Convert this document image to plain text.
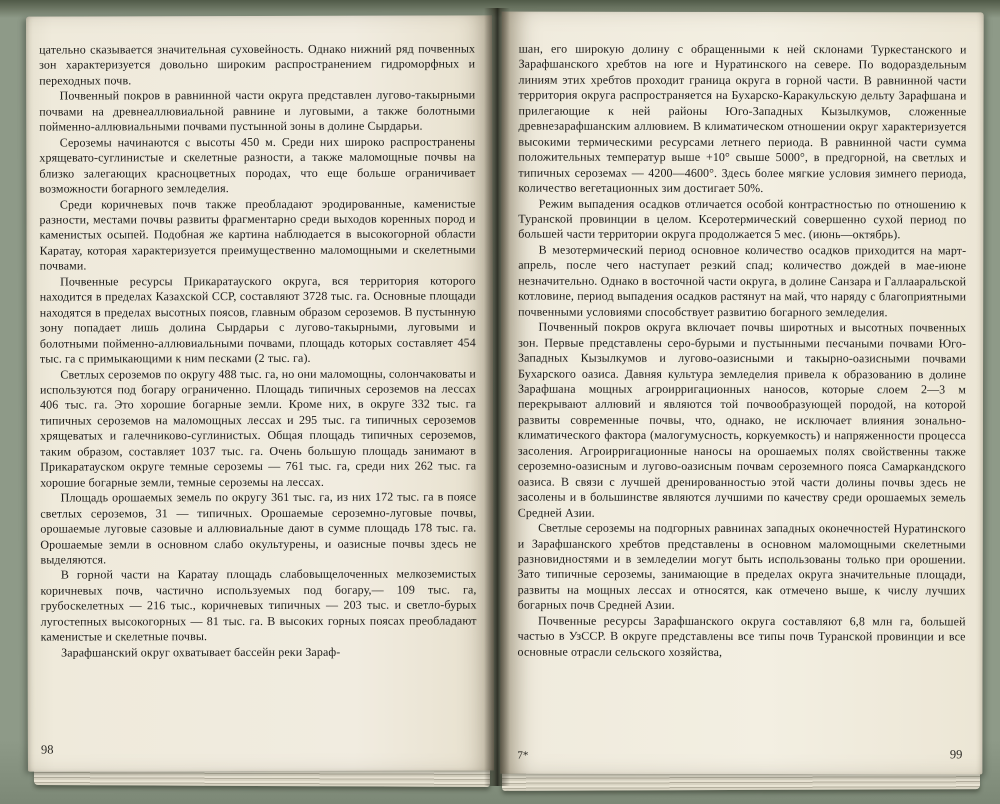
цательно сказывается значительная суховейность. Однако нижний ряд почвенных зон характеризуется довольно широким распространением гидроморфных и переходных почв.

Почвенный покров в равнинной части округа представлен лугово-такырными почвами на древнеаллювиальной равнине и луговыми, а также болотными пойменно-аллювиальными почвами пустынной зоны в долине Сырдарьи.

Сероземы начинаются с высоты 450 м. Среди них широко распространены хрящевато-суглинистые и скелетные разности, а также маломощные почвы на близко залегающих красноцветных породах, что еще больше ограничивает возможности богарного земледелия.

Среди коричневых почв также преобладают эродированные, каменистые разности, местами почвы развиты фрагментарно среди выходов коренных пород и каменистых осыпей. Подобная же картина наблюдается в высокогорной области Каратау, которая характеризуется преимущественно маломощными и скелетными почвами.

Почвенные ресурсы Прикаратауского округа, вся территория которого находится в пределах Казахской ССР, составляют 3728 тыс. га. Основные площади находятся в пределах высотных поясов, главным образом сероземов. В пустынную зону попадает лишь долина Сырдарьи с лугово-такырными, луговыми и болотными пойменно-аллювиальными почвами, площадь которых составляет 454 тыс. га с примыкающими к ним песками (2 тыс. га).

Светлых сероземов по округу 488 тыс. га, но они маломощны, солончаковаты и используются под богару ограниченно. Площадь типичных сероземов на лессах 406 тыс. га. Это хорошие богарные земли. Кроме них, в округе 332 тыс. га типичных сероземов на маломощных лессах и 295 тыс. га типичных сероземов хрящеватых и галечниково-суглинистых. Общая площадь типичных сероземов, таким образом, составляет 1037 тыс. га. Очень большую площадь занимают в Прикаратауском округе темные сероземы — 761 тыс. га, среди них 262 тыс. га хорошие богарные земли, темные сероземы на лессах.

Площадь орошаемых земель по округу 361 тыс. га, из них 172 тыс. га в поясе светлых сероземов, 31 — типичных. Орошаемые сероземно-луговые почвы, орошаемые луговые сазовые и аллювиальные дают в сумме площадь 178 тыс. га. Орошаемые земли в основном слабо окультурены, и оазисные почвы здесь не выделяются.

В горной части на Каратау площадь слабовыщелоченных мелкоземистых коричневых почв, частично используемых под богару,— 109 тыс. га, грубоскелетных — 216 тыс., коричневых типичных — 203 тыс. и светло-бурых лугостепных высокогорных — 81 тыс. га. В высоких горных поясах преобладают каменистые и скелетные почвы.

Зарафшанский округ охватывает бассейн реки Зараф-

98

шан, его широкую долину с обращенными к ней склонами Туркестанского и Зарафшанского хребтов на юге и Нуратинского на севере. По водораздельным линиям этих хребтов проходит граница округа в горной части. В равнинной части территория округа распространяется на Бухарско-Каракульскую дельту Зарафшана и прилегающие к ней районы Юго-Западных Кызылкумов, сложенные древнезарафшанским аллювием. В климатическом отношении округ характеризуется высокими термическими ресурсами летнего периода. В равнинной части сумма положительных температур выше +10° свыше 5000°, в предгорной, на светлых и типичных сероземах — 4200—4600°. Здесь более мягкие условия зимнего периода, количество вегетационных зим достигает 50%.

Режим выпадения осадков отличается особой контрастностью по отношению к Туранской провинции в целом. Ксеротермический совершенно сухой период по большей части территории округа продолжается 5 мес. (июнь—октябрь).

В мезотермический период основное количество осадков приходится на март-апрель, после чего наступает резкий спад; количество дождей в мае-июне незначительно. Однако в восточной части округа, в долине Санзара и Галлааральской котловине, период выпадения осадков растянут на май, что наряду с благоприятными почвенными условиями способствует развитию богарного земледелия.

Почвенный покров округа включает почвы широтных и высотных почвенных зон. Первые представлены серо-бурыми и пустынными песчаными почвами Юго-Западных Кызылкумов и лугово-оазисными и такырно-оазисными почвами Бухарского оазиса. Давняя культура земледелия привела к образованию в долине Зарафшана мощных агроирригационных наносов, которые слоем 2—3 м перекрывают аллювий и являются той почвообразующей породой, на которой развиты современные почвы, что, однако, не исключает влияния зонально-климатического фактора (малогумусность, коркуемкость) и напряженности процесса засоления. Агроирригационные наносы на орошаемых полях свойственны также сероземно-оазисным и лугово-оазисным почвам сероземного пояса Самаркандского оазиса. В связи с лучшей дренированностью этой части долины почвы здесь не засолены и в большинстве являются лучшими по качеству среди орошаемых земель Средней Азии.

Светлые сероземы на подгорных равнинах западных оконечностей Нуратинского и Зарафшанского хребтов представлены в основном маломощными скелетными разновидностями и в земледелии могут быть использованы только при орошении. Зато типичные сероземы, занимающие в пределах округа значительные площади, развиты на мощных лессах и относятся, как отмечено выше, к числу лучших богарных почв Средней Азии.

Почвенные ресурсы Зарафшанского округа составляют 6,8 млн га, большей частью в УзССР. В округе представлены все типы почв Туранской провинции и все основные отрасли сельского хозяйства,

7*	99
